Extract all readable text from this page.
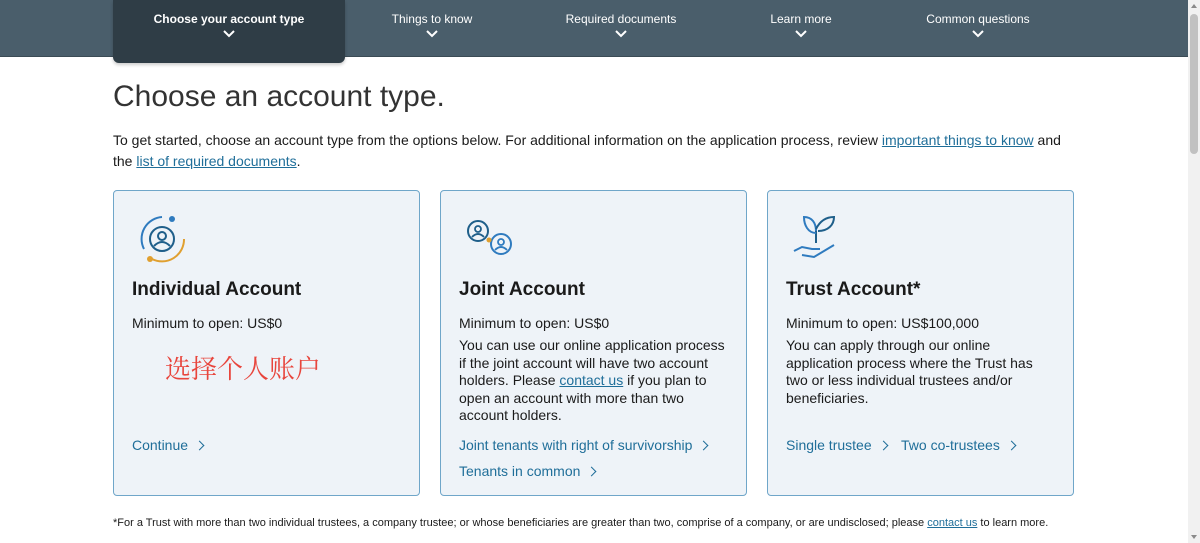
Choose your account type	Things to know	Required documents	Learn more	Common questions
Choose an account type.
To get started, choose an account type from the options below. For additional information on the application process, review important things to know and the list of required documents.
Individual Account
Minimum to open: US$0
选择个人账户
Continue
Joint Account
Minimum to open: US$0
You can use our online application process if the joint account will have two account holders. Please contact us if you plan to open an account with more than two account holders.
Joint tenants with right of survivorship
Tenants in common
Trust Account*
Minimum to open: US$100,000
You can apply through our online application process where the Trust has two or less individual trustees and/or beneficiaries.
Single trustee	Two co-trustees
*For a Trust with more than two individual trustees, a company trustee; or whose beneficiaries are greater than two, comprise of a company, or are undisclosed; please contact us to learn more.
